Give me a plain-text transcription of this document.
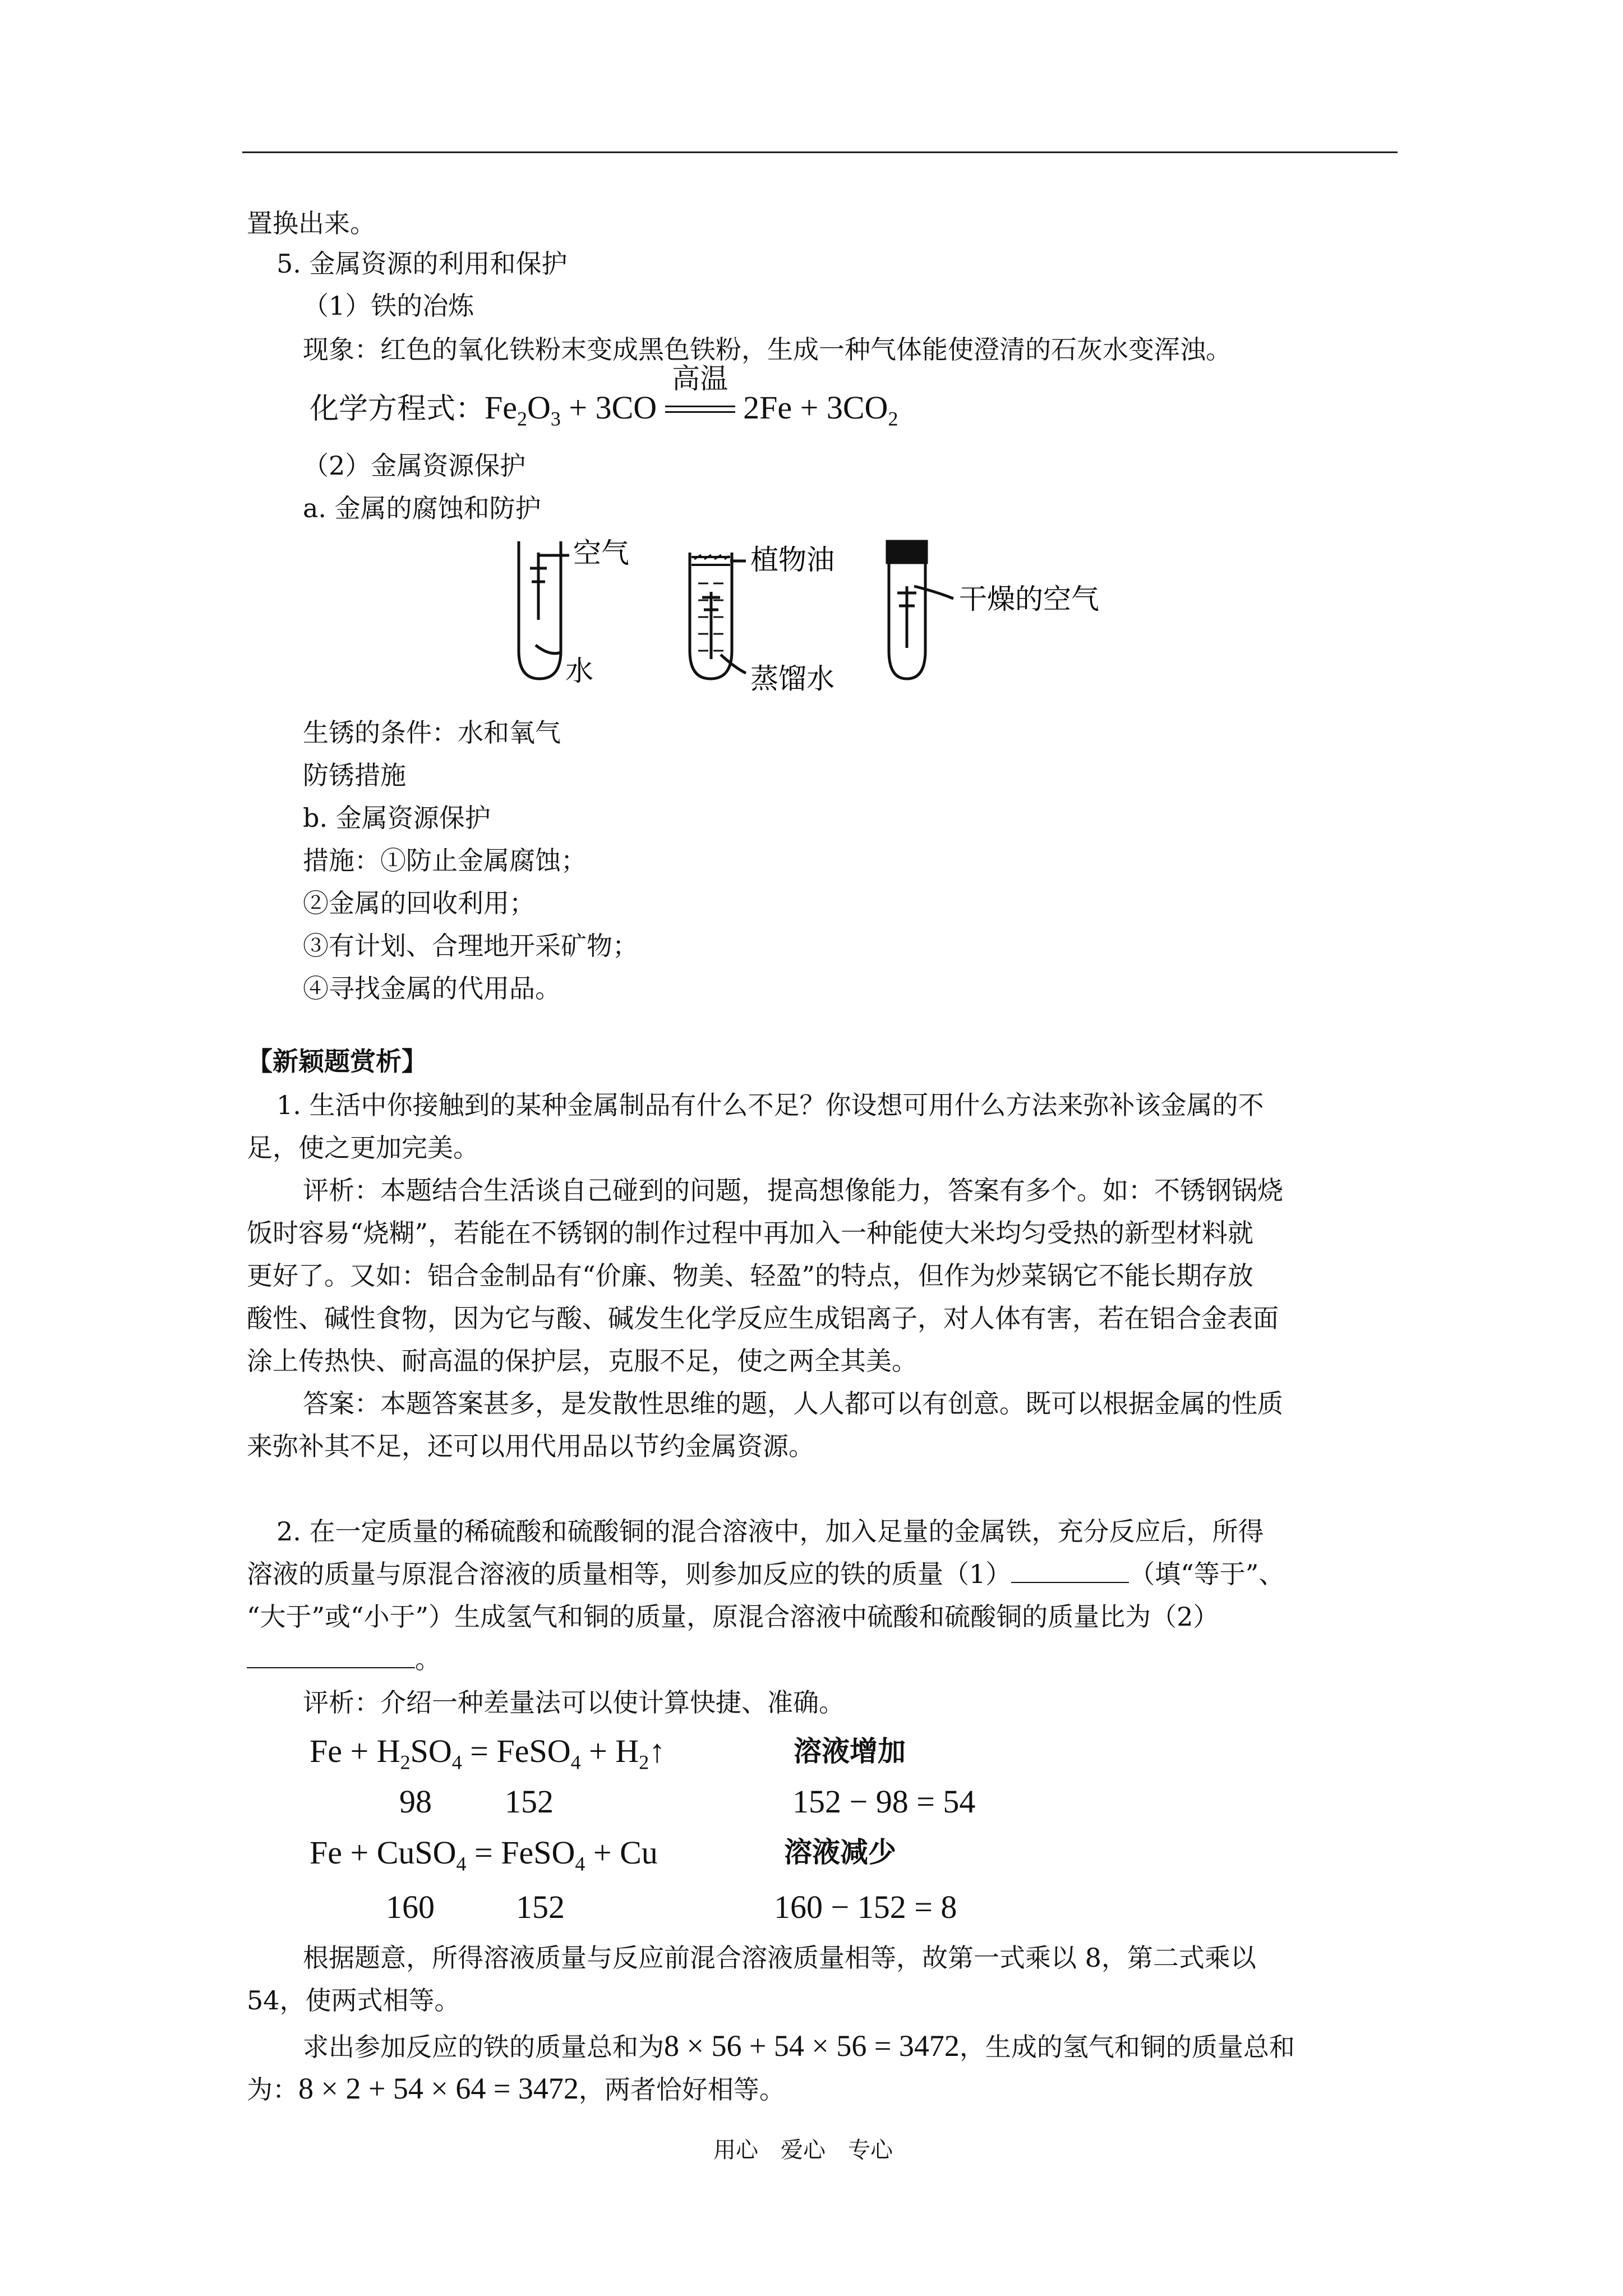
置换出来。
5. 金属资源的利用和保护
（1）铁的冶炼
现象：红色的氧化铁粉末变成黑色铁粉，生成一种气体能使澄清的石灰水变浑浊。
化学方程式：$Fe_2O_3 + 3CO$
高温
$2Fe + 3CO_2$
（2）金属资源保护
a. 金属的腐蚀和防护
空气
水
植物油
蒸馏水
干燥的空气
生锈的条件：水和氧气
防锈措施
b. 金属资源保护
措施：①防止金属腐蚀；
②金属的回收利用；
③有计划、合理地开采矿物；
④寻找金属的代用品。
【新颖题赏析】
1. 生活中你接触到的某种金属制品有什么不足？你设想可用什么方法来弥补该金属的不
足，使之更加完美。
评析：本题结合生活谈自己碰到的问题，提高想像能力，答案有多个。如：不锈钢锅烧
饭时容易“烧糊”，若能在不锈钢的制作过程中再加入一种能使大米均匀受热的新型材料就
更好了。又如：铝合金制品有“价廉、物美、轻盈”的特点，但作为炒菜锅它不能长期存放
酸性、碱性食物，因为它与酸、碱发生化学反应生成铝离子，对人体有害，若在铝合金表面
涂上传热快、耐高温的保护层，克服不足，使之两全其美。
答案：本题答案甚多，是发散性思维的题，人人都可以有创意。既可以根据金属的性质
来弥补其不足，还可以用代用品以节约金属资源。
2. 在一定质量的稀硫酸和硫酸铜的混合溶液中，加入足量的金属铁，充分反应后，所得
溶液的质量与原混合溶液的质量相等，则参加反应的铁的质量（1）	（填“等于”、
“大于”或“小于”）生成氢气和铜的质量，原混合溶液中硫酸和硫酸铜的质量比为（2）
。
评析：介绍一种差量法可以使计算快捷、准确。
$Fe + H_2SO_4$ = FeSO$_4$ + $H_2↑$	溶液增加
98 152	152 − 98 = 54
Fe + CuSO$_4$ = FeSO$_4$ + Cu	溶液减少
160	152	160 − 152 = 8
根据题意，所得溶液质量与反应前混合溶液质量相等，故第一式乘以 8，第二式乘以
54，使两式相等。
求出参加反应的铁的质量总和为8 × 56 + 54 × 56 = 3472，生成的氢气和铜的质量总和
为：8 × 2 + 54 × 64 = 3472，两者恰好相等。
用心　爱心　专心
